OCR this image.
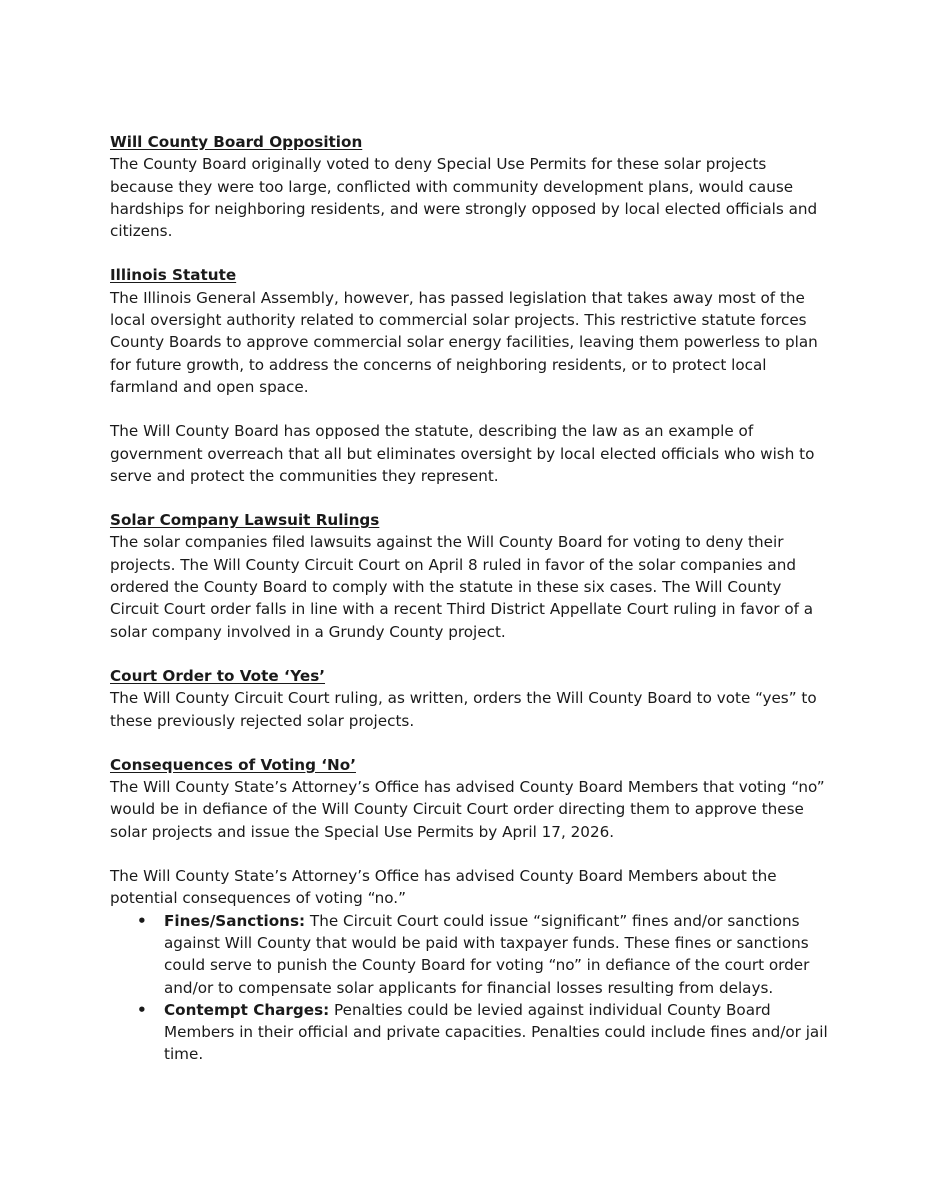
Will County Board Opposition

The County Board originally voted to deny Special Use Permits for these solar projects because they were too large, conflicted with community development plans, would cause hardships for neighboring residents, and were strongly opposed by local elected officials and citizens.

Illinois Statute

The Illinois General Assembly, however, has passed legislation that takes away most of the local oversight authority related to commercial solar projects. This restrictive statute forces County Boards to approve commercial solar energy facilities, leaving them powerless to plan for future growth, to address the concerns of neighboring residents, or to protect local farmland and open space.

The Will County Board has opposed the statute, describing the law as an example of government overreach that all but eliminates oversight by local elected officials who wish to serve and protect the communities they represent.

Solar Company Lawsuit Rulings

The solar companies filed lawsuits against the Will County Board for voting to deny their projects. The Will County Circuit Court on April 8 ruled in favor of the solar companies and ordered the County Board to comply with the statute in these six cases. The Will County Circuit Court order falls in line with a recent Third District Appellate Court ruling in favor of a solar company involved in a Grundy County project.

Court Order to Vote ‘Yes’

The Will County Circuit Court ruling, as written, orders the Will County Board to vote “yes” to these previously rejected solar projects.

Consequences of Voting ‘No’

The Will County State’s Attorney’s Office has advised County Board Members that voting “no” would be in defiance of the Will County Circuit Court order directing them to approve these solar projects and issue the Special Use Permits by April 17, 2026.

The Will County State’s Attorney’s Office has advised County Board Members about the potential consequences of voting “no.”

• Fines/Sanctions: The Circuit Court could issue “significant” fines and/or sanctions against Will County that would be paid with taxpayer funds. These fines or sanctions could serve to punish the County Board for voting “no” in defiance of the court order and/or to compensate solar applicants for financial losses resulting from delays.
• Contempt Charges: Penalties could be levied against individual County Board Members in their official and private capacities. Penalties could include fines and/or jail time.
